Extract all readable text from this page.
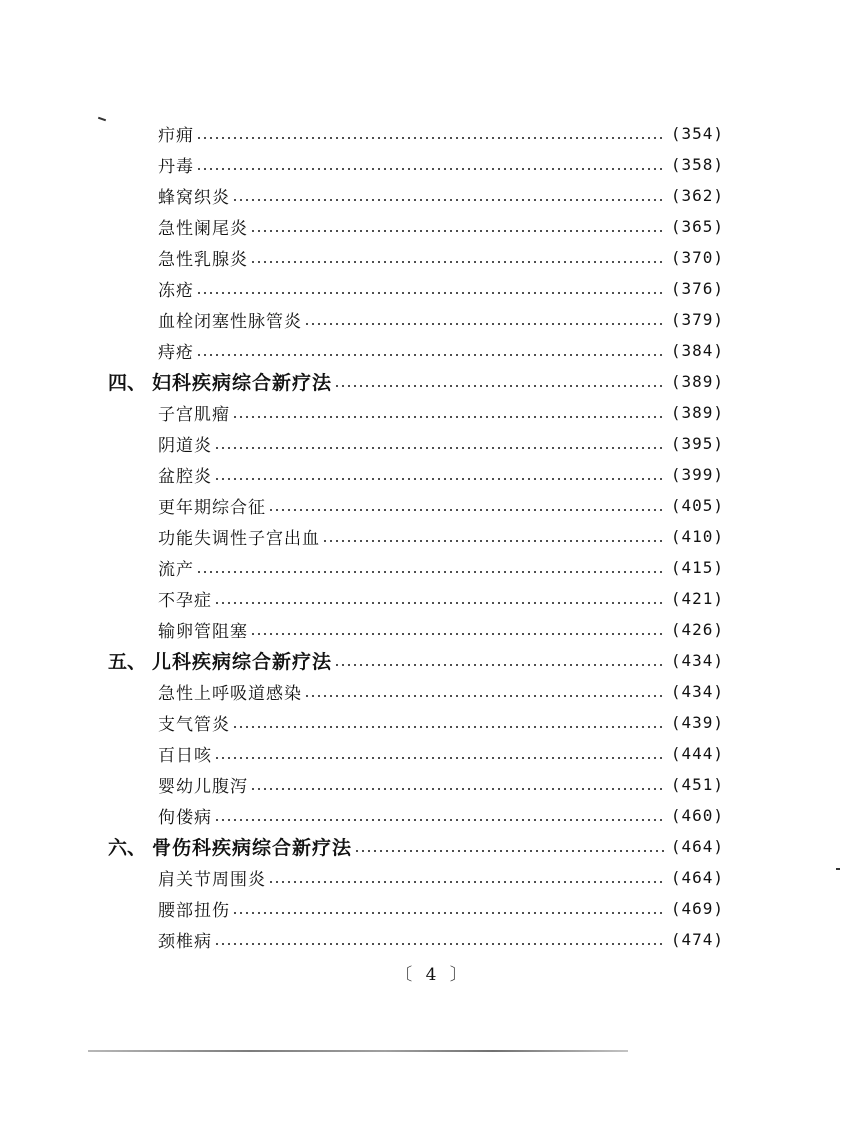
疖痈	(354)
丹毒	(358)
蜂窝织炎	(362)
急性阑尾炎	(365)
急性乳腺炎	(370)
冻疮	(376)
血栓闭塞性脉管炎	(379)
痔疮	(384)
四、 妇科疾病综合新疗法	(389)
子宫肌瘤	(389)
阴道炎	(395)
盆腔炎	(399)
更年期综合征	(405)
功能失调性子宫出血	(410)
流产	(415)
不孕症	(421)
输卵管阻塞	(426)
五、 儿科疾病综合新疗法	(434)
急性上呼吸道感染	(434)
支气管炎	(439)
百日咳	(444)
婴幼儿腹泻	(451)
佝偻病	(460)
六、 骨伤科疾病综合新疗法	(464)
肩关节周围炎	(464)
腰部扭伤	(469)
颈椎病	(474)
〔 4 〕
